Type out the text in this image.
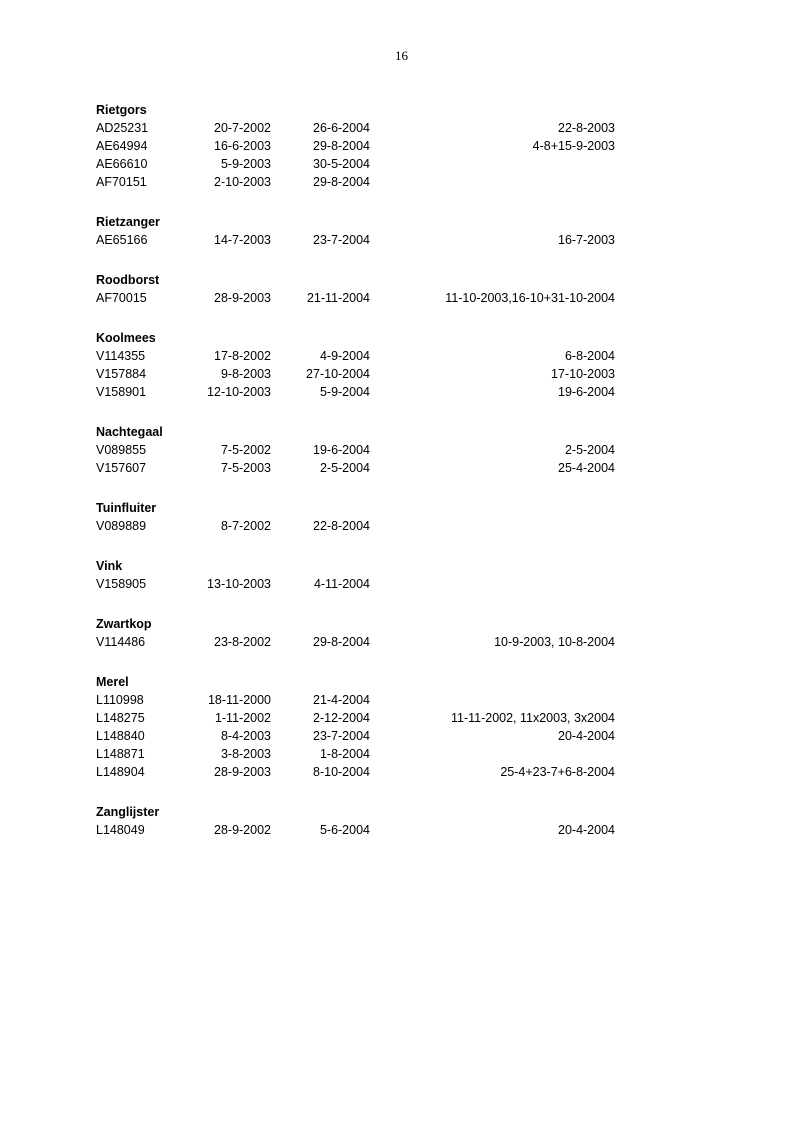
16
Rietgors
AD25231	20-7-2002	26-6-2004	22-8-2003
AE64994	16-6-2003	29-8-2004	4-8+15-9-2003
AE66610	5-9-2003	30-5-2004
AF70151	2-10-2003	29-8-2004
Rietzanger
AE65166	14-7-2003	23-7-2004	16-7-2003
Roodborst
AF70015	28-9-2003	21-11-2004	11-10-2003,16-10+31-10-2004
Koolmees
V114355	17-8-2002	4-9-2004	6-8-2004
V157884	9-8-2003	27-10-2004	17-10-2003
V158901	12-10-2003	5-9-2004	19-6-2004
Nachtegaal
V089855	7-5-2002	19-6-2004	2-5-2004
V157607	7-5-2003	2-5-2004	25-4-2004
Tuinfluiter
V089889	8-7-2002	22-8-2004
Vink
V158905	13-10-2003	4-11-2004
Zwartkop
V114486	23-8-2002	29-8-2004	10-9-2003, 10-8-2004
Merel
L110998	18-11-2000	21-4-2004
L148275	1-11-2002	2-12-2004	11-11-2002, 11x2003, 3x2004
L148840	8-4-2003	23-7-2004	20-4-2004
L148871	3-8-2003	1-8-2004
L148904	28-9-2003	8-10-2004	25-4+23-7+6-8-2004
Zanglijster
L148049	28-9-2002	5-6-2004	20-4-2004
